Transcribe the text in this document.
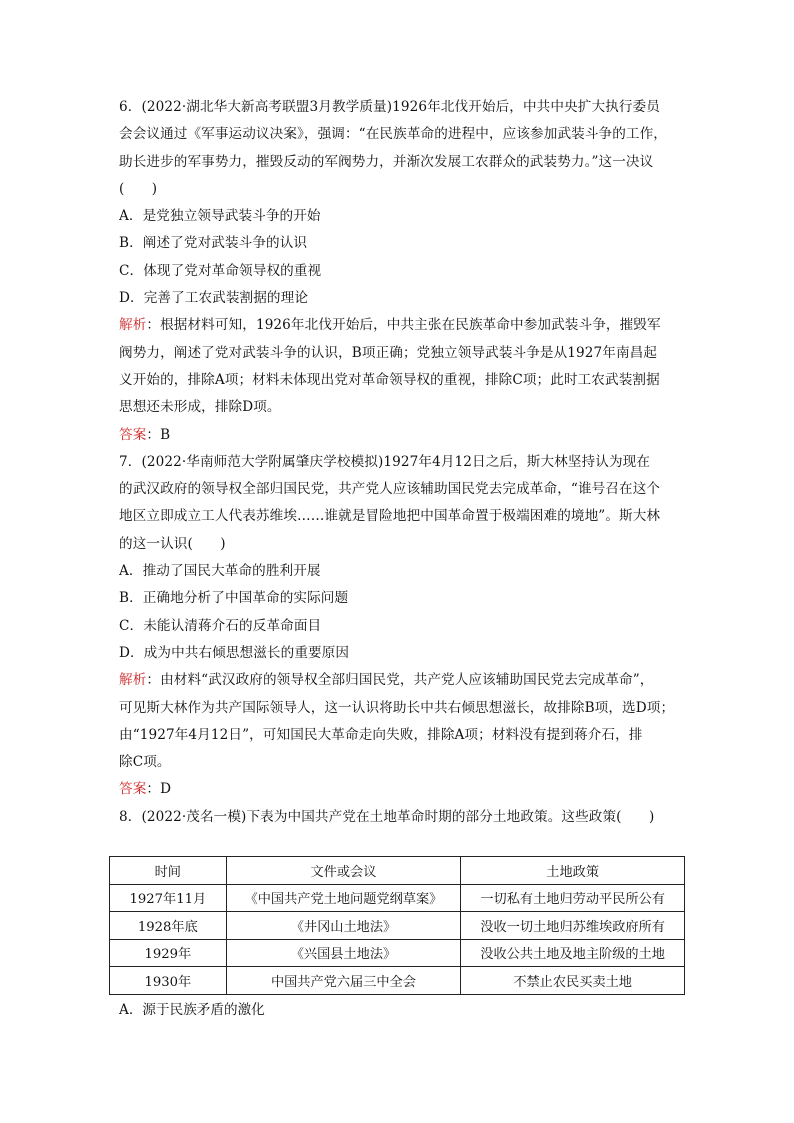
6．(2022·湖北华大新高考联盟3月教学质量)1926年北伐开始后，中共中央扩大执行委员
会会议通过《军事运动议决案》，强调：“在民族革命的进程中，应该参加武装斗争的工作，
助长进步的军事势力，摧毁反动的军阀势力，并渐次发展工农群众的武装势力。”这一决议
(　　)
A．是党独立领导武装斗争的开始
B．阐述了党对武装斗争的认识
C．体现了党对革命领导权的重视
D．完善了工农武装割据的理论
解析：根据材料可知，1926年北伐开始后，中共主张在民族革命中参加武装斗争，摧毁军
阀势力，阐述了党对武装斗争的认识，B项正确；党独立领导武装斗争是从1927年南昌起
义开始的，排除A项；材料未体现出党对革命领导权的重视，排除C项；此时工农武装割据
思想还未形成，排除D项。
答案：B
7．(2022·华南师范大学附属肇庆学校模拟)1927年4月12日之后，斯大林坚持认为现在
的武汉政府的领导权全部归国民党，共产党人应该辅助国民党去完成革命，“谁号召在这个
地区立即成立工人代表苏维埃……谁就是冒险地把中国革命置于极端困难的境地”。斯大林
的这一认识(　　)
A．推动了国民大革命的胜利开展
B．正确地分析了中国革命的实际问题
C．未能认清蒋介石的反革命面目
D．成为中共右倾思想滋长的重要原因
解析：由材料“武汉政府的领导权全部归国民党，共产党人应该辅助国民党去完成革命”，
可见斯大林作为共产国际领导人，这一认识将助长中共右倾思想滋长，故排除B项，选D项；
由“1927年4月12日”，可知国民大革命走向失败，排除A项；材料没有提到蒋介石，排
除C项。
答案：D
8．(2022·茂名一模)下表为中国共产党在土地革命时期的部分土地政策。这些政策(　　)
时间	文件或会议	土地政策
1927年11月	《中国共产党土地问题党纲草案》	一切私有土地归劳动平民所公有
1928年底	《井冈山土地法》	没收一切土地归苏维埃政府所有
1929年	《兴国县土地法》	没收公共土地及地主阶级的土地
1930年	中国共产党六届三中全会	不禁止农民买卖土地
A．源于民族矛盾的激化
